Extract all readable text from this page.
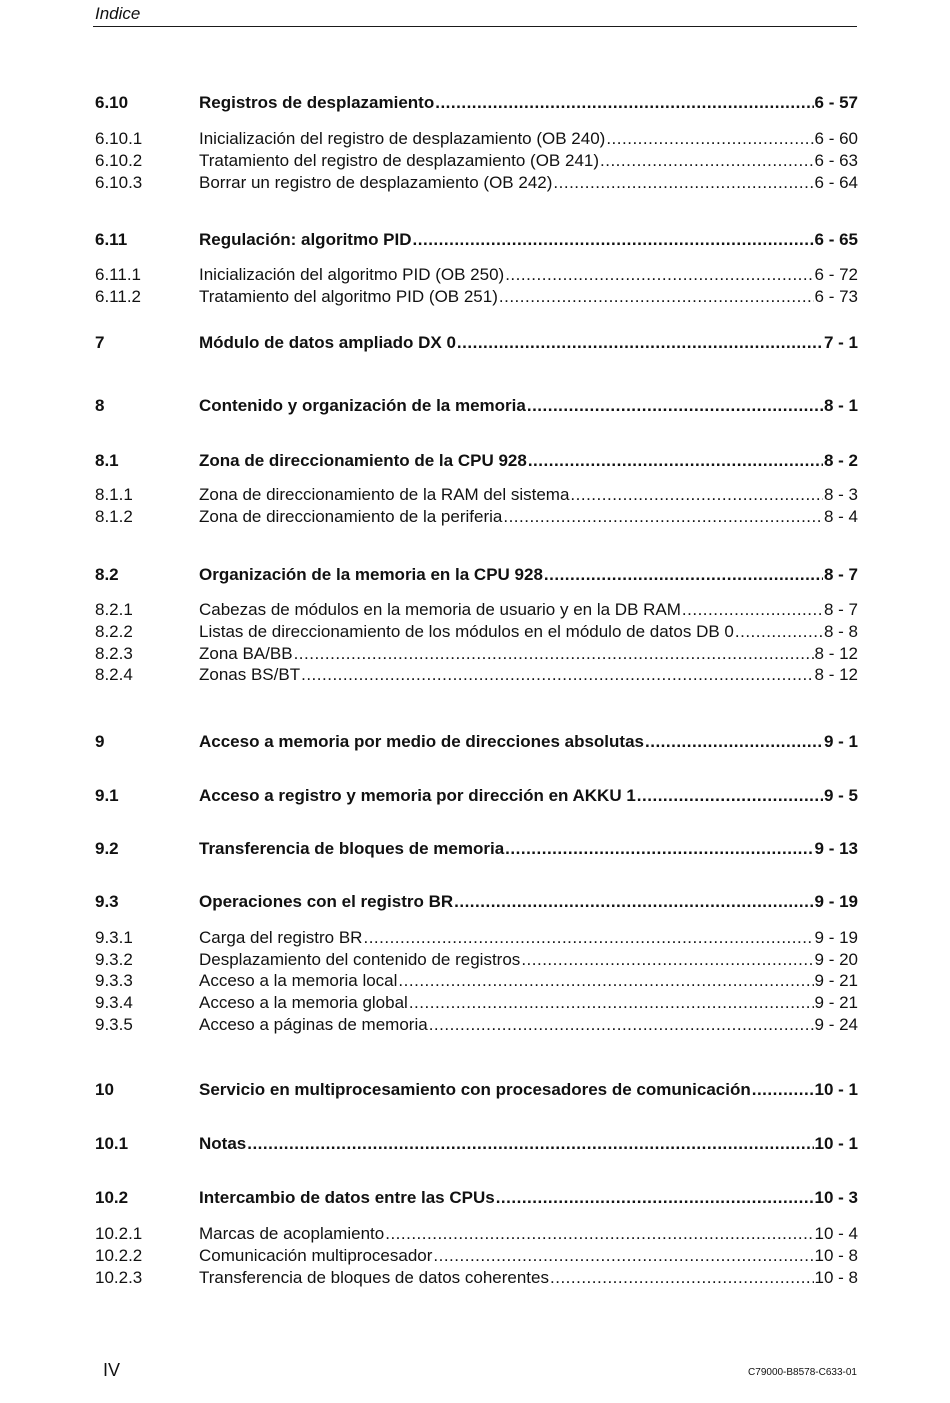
Indice
6.10	Registros de desplazamiento .....	6 - 57
6.10.1	Inicialización del registro de desplazamiento (OB 240) .....	6 - 60
6.10.2	Tratamiento del registro de desplazamiento (OB 241) .....	6 - 63
6.10.3	Borrar un registro de desplazamiento (OB 242) .....	6 - 64
6.11	Regulación: algoritmo PID .....	6 - 65
6.11.1	Inicialización del algoritmo PID (OB 250) .....	6 - 72
6.11.2	Tratamiento del algoritmo PID (OB 251) .....	6 - 73
7	Módulo de datos ampliado DX 0 .....	7 - 1
8	Contenido y organización de la memoria .....	8 - 1
8.1	Zona de direccionamiento de la CPU 928 .....	8 - 2
8.1.1	Zona de direccionamiento de la RAM del sistema .....	8 - 3
8.1.2	Zona de direccionamiento de la periferia .....	8 - 4
8.2	Organización de la memoria en la CPU 928 .....	8 - 7
8.2.1	Cabezas de módulos en la memoria de usuario y en la DB RAM .....	8 - 7
8.2.2	Listas de direccionamiento de los módulos en el módulo de datos DB 0 .....	8 - 8
8.2.3	Zona BA/BB .....	8 - 12
8.2.4	Zonas BS/BT .....	8 - 12
9	Acceso a memoria por medio de direcciones absolutas .....	9 - 1
9.1	Acceso a registro y memoria por dirección en AKKU 1 .....	9 - 5
9.2	Transferencia de bloques de memoria .....	9 - 13
9.3	Operaciones con el registro BR .....	9 - 19
9.3.1	Carga del registro BR .....	9 - 19
9.3.2	Desplazamiento del contenido de registros .....	9 - 20
9.3.3	Acceso a la memoria local .....	9 - 21
9.3.4	Acceso a la memoria global .....	9 - 21
9.3.5	Acceso a páginas de memoria .....	9 - 24
10	Servicio en multiprocesamiento con procesadores de comunicación .....	10 - 1
10.1	Notas .....	10 - 1
10.2	Intercambio de datos entre las CPUs .....	10 - 3
10.2.1	Marcas de acoplamiento .....	10 - 4
10.2.2	Comunicación multiprocesador .....	10 - 8
10.2.3	Transferencia de bloques de datos coherentes .....	10 - 8
IV	C79000-B8578-C633-01
